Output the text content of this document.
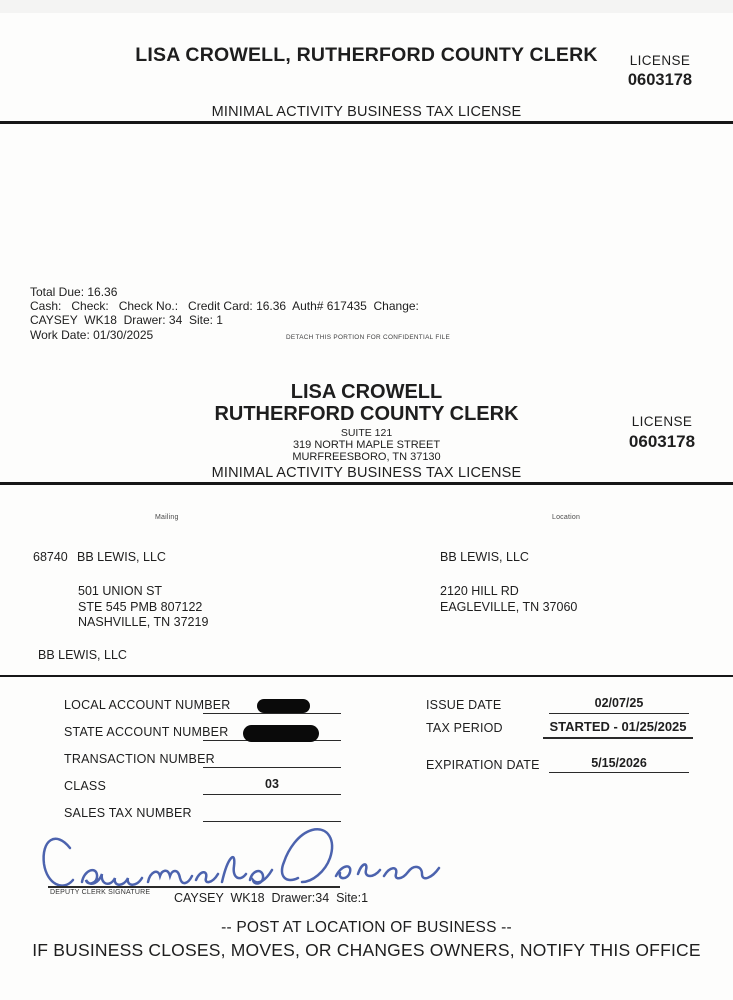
LISA CROWELL, RUTHERFORD COUNTY CLERK	LICENSE
0603178
MINIMAL ACTIVITY BUSINESS TAX LICENSE
Total Due: 16.36
Cash:   Check:   Check No.:   Credit Card: 16.36  Auth# 617435  Change:
CAYSEY  WK18  Drawer: 34  Site: 1
Work Date: 01/30/2025	DETACH THIS PORTION FOR CONFIDENTIAL FILE
LISA CROWELL
RUTHERFORD COUNTY CLERK
SUITE 121
319 NORTH MAPLE STREET
MURFREESBORO, TN 37130
LICENSE
0603178
MINIMAL ACTIVITY BUSINESS TAX LICENSE
Mailing	Location
68740 BB LEWIS, LLC
501 UNION ST
STE 545 PMB 807122
NASHVILLE, TN 37219
BB LEWIS, LLC
2120 HILL RD
EAGLEVILLE, TN 37060
BB LEWIS, LLC
LOCAL ACCOUNT NUMBER
STATE ACCOUNT NUMBER
TRANSACTION NUMBER
CLASS	03
SALES TAX NUMBER
ISSUE DATE	02/07/25
TAX PERIOD	STARTED - 01/25/2025
EXPIRATION DATE	5/15/2026
DEPUTY CLERK SIGNATURE CAYSEY  WK18  Drawer:34  Site:1
-- POST AT LOCATION OF BUSINESS --
IF BUSINESS CLOSES, MOVES, OR CHANGES OWNERS, NOTIFY THIS OFFICE
